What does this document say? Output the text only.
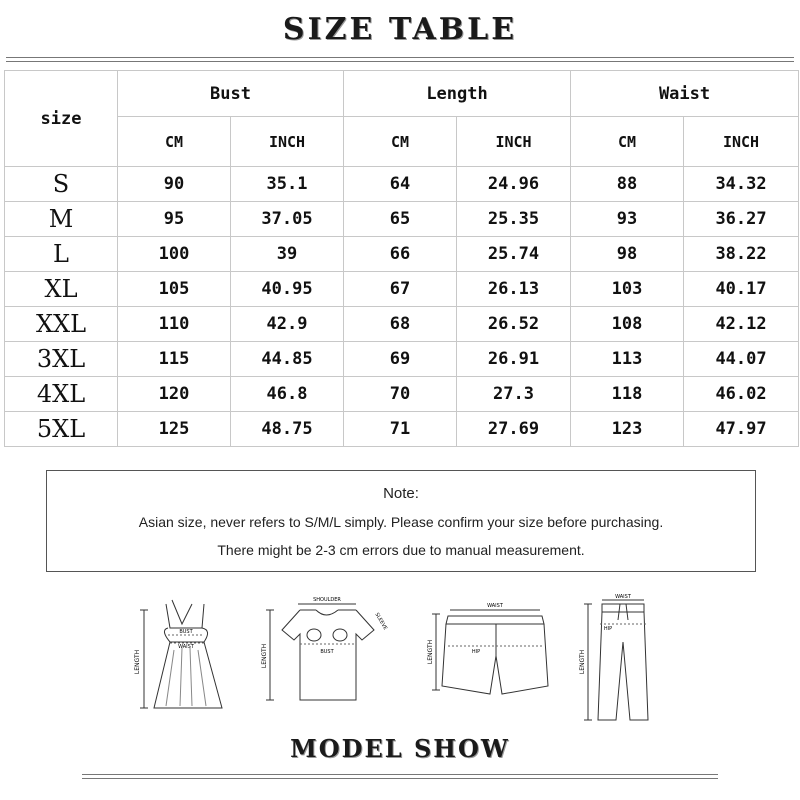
SIZE TABLE
size	Bust		Length		Waist	
	CM	INCH	CM	INCH	CM	INCH
S	90	35.1	64	24.96	88	34.32
M	95	37.05	65	25.35	93	36.27
L	100	39	66	25.74	98	38.22
XL	105	40.95	67	26.13	103	40.17
XXL	110	42.9	68	26.52	108	42.12
3XL	115	44.85	69	26.91	113	44.07
4XL	120	46.8	70	27.3	118	46.02
5XL	125	48.75	71	27.69	123	47.97
Note:
Asian size, never refers to S/M/L simply. Please confirm your size before purchasing.
There might be 2-3 cm errors due to manual measurement.
LENGTH
BUST
WAIST	LENGTH
SHOULDER
BUST
SLEEVE
LENGTH
WAIST
HIP	LENGTH
WAIST
HIP
MODEL SHOW
